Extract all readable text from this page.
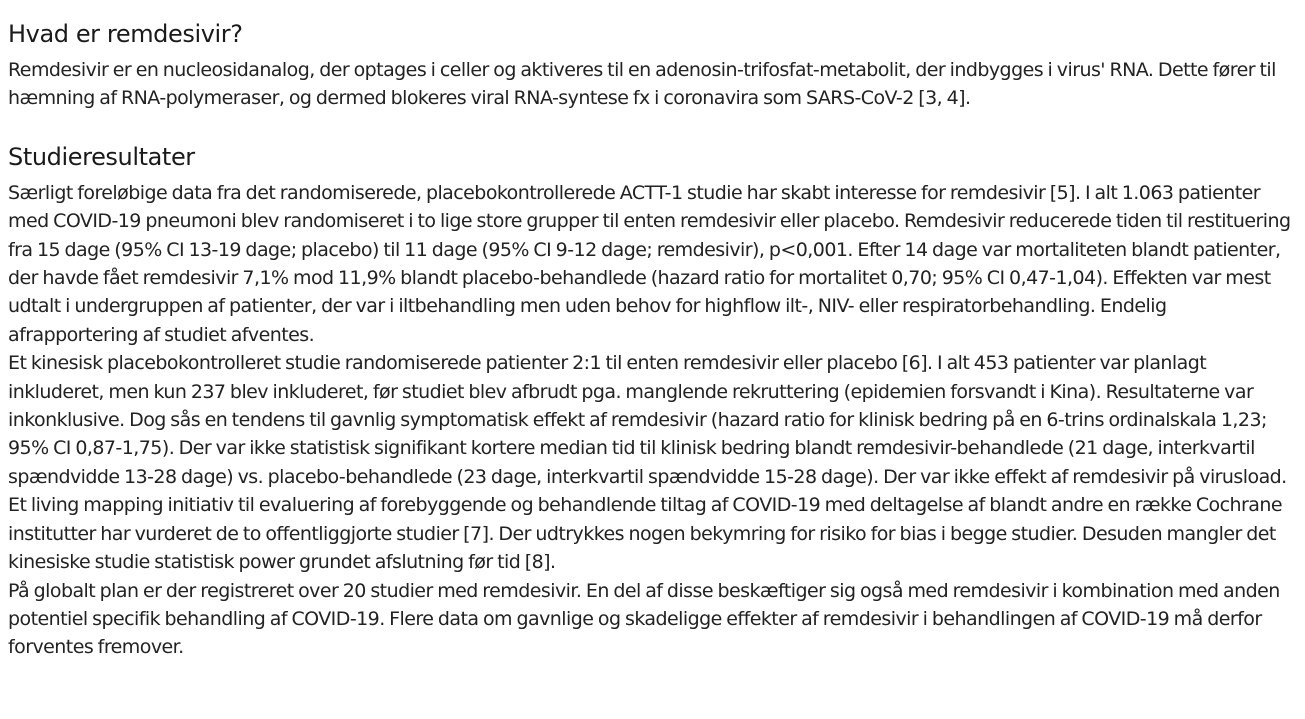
Hvad er remdesivir?

Remdesivir er en nucleosidanalog, der optages i celler og aktiveres til en adenosin-trifosfat-metabolit, der indbygges i virus' RNA. Dette fører til hæmning af RNA-polymeraser, og dermed blokeres viral RNA-syntese fx i coronavira som SARS-CoV-2 [3, 4].

Studieresultater

Særligt foreløbige data fra det randomiserede, placebokontrollerede ACTT-1 studie har skabt interesse for remdesivir [5]. I alt 1.063 patienter med COVID-19 pneumoni blev randomiseret i to lige store grupper til enten remdesivir eller placebo. Remdesivir reducerede tiden til restituering fra 15 dage (95% CI 13-19 dage; placebo) til 11 dage (95% CI 9-12 dage; remdesivir), p<0,001. Efter 14 dage var mortaliteten blandt patienter, der havde fået remdesivir 7,1% mod 11,9% blandt placebo-behandlede (hazard ratio for mortalitet 0,70; 95% CI 0,47-1,04). Effekten var mest udtalt i undergruppen af patienter, der var i iltbehandling men uden behov for highflow ilt-, NIV- eller respiratorbehandling. Endelig afrapportering af studiet afventes.

Et kinesisk placebokontrolleret studie randomiserede patienter 2:1 til enten remdesivir eller placebo [6]. I alt 453 patienter var planlagt inkluderet, men kun 237 blev inkluderet, før studiet blev afbrudt pga. manglende rekruttering (epidemien forsvandt i Kina). Resultaterne var inkonklusive. Dog sås en tendens til gavnlig symptomatisk effekt af remdesivir (hazard ratio for klinisk bedring på en 6-trins ordinalskala 1,23; 95% CI 0,87-1,75). Der var ikke statistisk signifikant kortere median tid til klinisk bedring blandt remdesivir-behandlede (21 dage, interkvartil spændvidde 13-28 dage) vs. placebo-behandlede (23 dage, interkvartil spændvidde 15-28 dage). Der var ikke effekt af remdesivir på virusload.

Et living mapping initiativ til evaluering af forebyggende og behandlende tiltag af COVID-19 med deltagelse af blandt andre en række Cochrane institutter har vurderet de to offentliggjorte studier [7]. Der udtrykkes nogen bekymring for risiko for bias i begge studier. Desuden mangler det kinesiske studie statistisk power grundet afslutning før tid [8].

På globalt plan er der registreret over 20 studier med remdesivir. En del af disse beskæftiger sig også med remdesivir i kombination med anden potentiel specifik behandling af COVID-19. Flere data om gavnlige og skadeligge effekter af remdesivir i behandlingen af COVID-19 må derfor forventes fremover.
